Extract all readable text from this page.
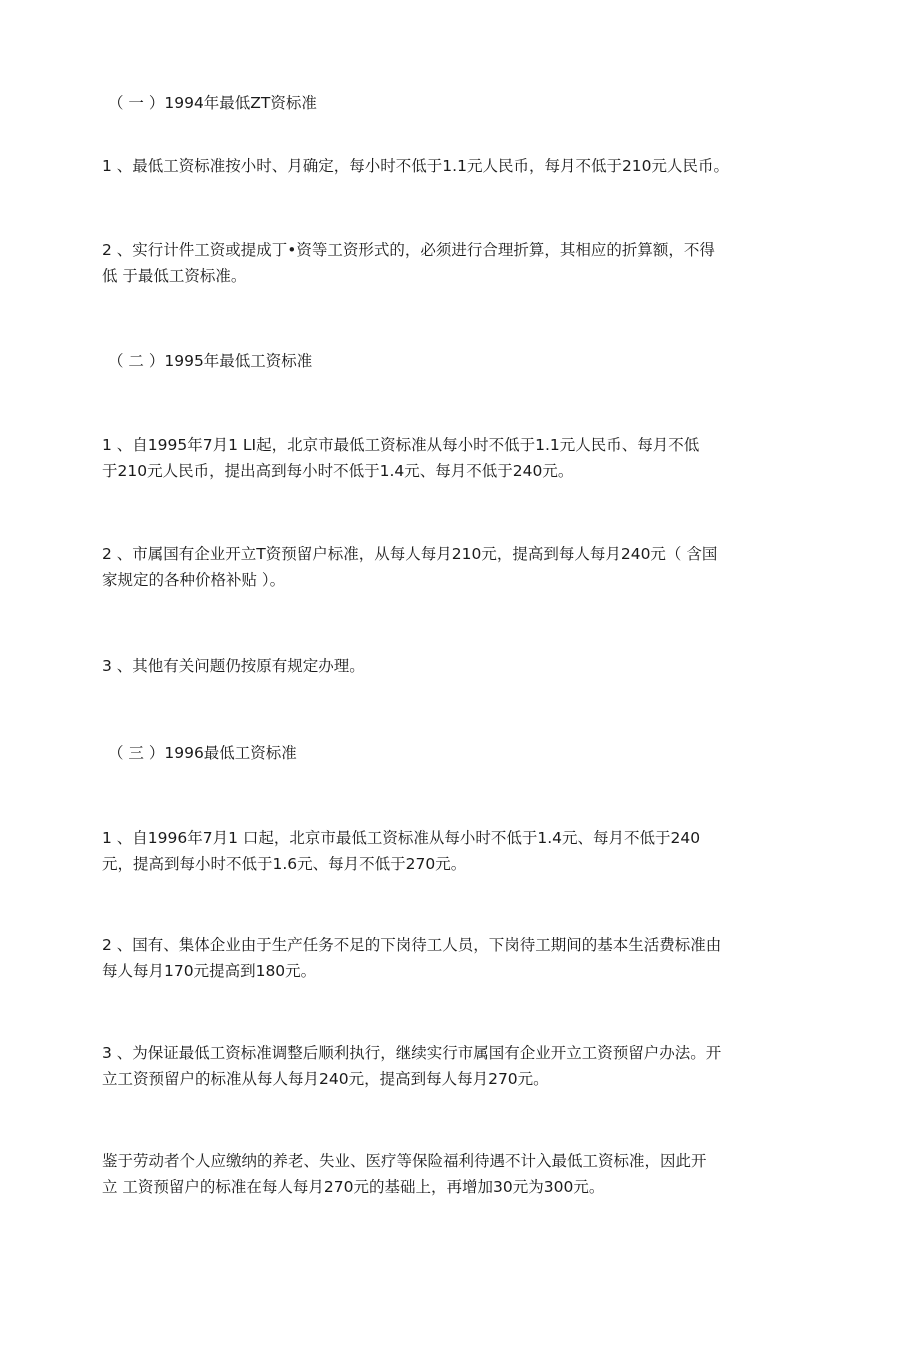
（ 一 ）1994年最低ZT资标准
1 、最低工资标准按小时、月确定，每小时不低于1.1元人民币，每月不低于210元人民币。
2 、实行计件工资或提成丁•资等工资形式的，必须进行合理折算，其相应的折算额，不得
低 于最低工资标准。
（ 二 ）1995年最低工资标准
1 、自1995年7月1 LI起，北京市最低工资标准从每小时不低于1.1元人民币、每月不低
于210元人民币，提出高到每小时不低于1.4元、每月不低于240元。
2 、市属国有企业开立T资预留户标准，从每人每月210元，提高到每人每月240元（ 含国
家规定的各种价格补贴 ）。
3 、其他有关问题仍按原有规定办理。
（ 三 ）1996最低工资标准
1 、自1996年7月1 口起，北京市最低工资标准从每小时不低于1.4元、每月不低于240
元，提高到每小时不低于1.6元、每月不低于270元。
2 、国有、集体企业由于生产任务不足的下岗待工人员，下岗待工期间的基本生活费标准由
每人每月170元提高到180元。
3 、为保证最低工资标准调整后顺利执行，继续实行市属国有企业开立工资预留户办法。开
立工资预留户的标准从每人每月240元，提高到每人每月270元。
鉴于劳动者个人应缴纳的养老、失业、医疗等保险福利待遇不计入最低工资标准，因此开
立 工资预留户的标准在每人每月270元的基础上，再增加30元为300元。
